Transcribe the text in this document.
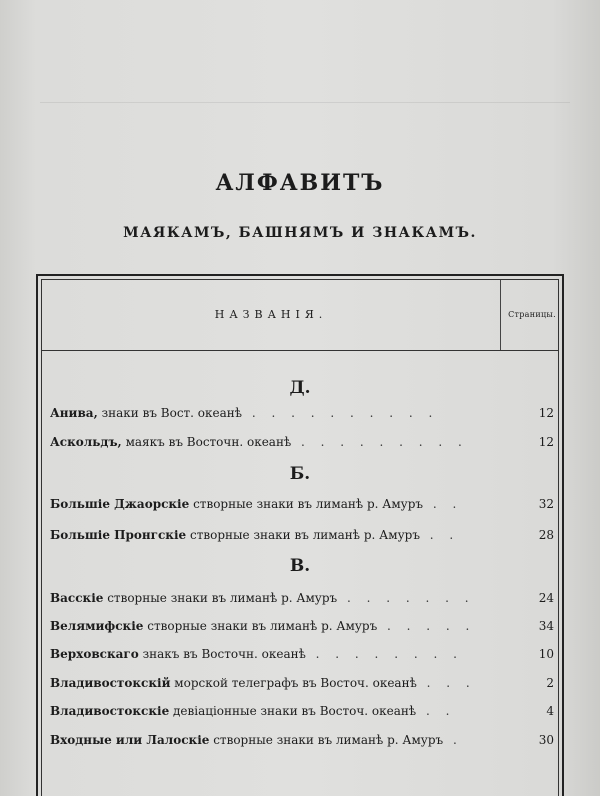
АЛФАВИТЪ
МАЯКАМЪ, БАШНЯМЪ И ЗНАКАМЪ.
НАЗВАНІЯ.	Страницы.
Д.
Анива, знаки въ Вост. океанѣ . . . . . . . . . .	12
Аскольдъ, маякъ въ Восточн. океанѣ . . . . . . . . .	12
Б.
Большіе Джаорскіе створные знаки въ лиманѣ р. Амуръ . .	32
Большіе Пронгскіе створные знаки въ лиманѣ р. Амуръ . .	28
В.
Васскіе створные знаки въ лиманѣ р. Амуръ . . . . . . .	24
Велямифскіе створные знаки въ лиманѣ р. Амуръ . . . . .	34
Верховскаго знакъ въ Восточн. океанѣ . . . . . . . .	10
Владивостокскій морской телеграфъ въ Восточ. океанѣ . . .	2
Владивостокскіе девіаціонные знаки въ Восточ. океанѣ . .	4
Входные или Лалоскіе створные знаки въ лиманѣ р. Амуръ .	30
